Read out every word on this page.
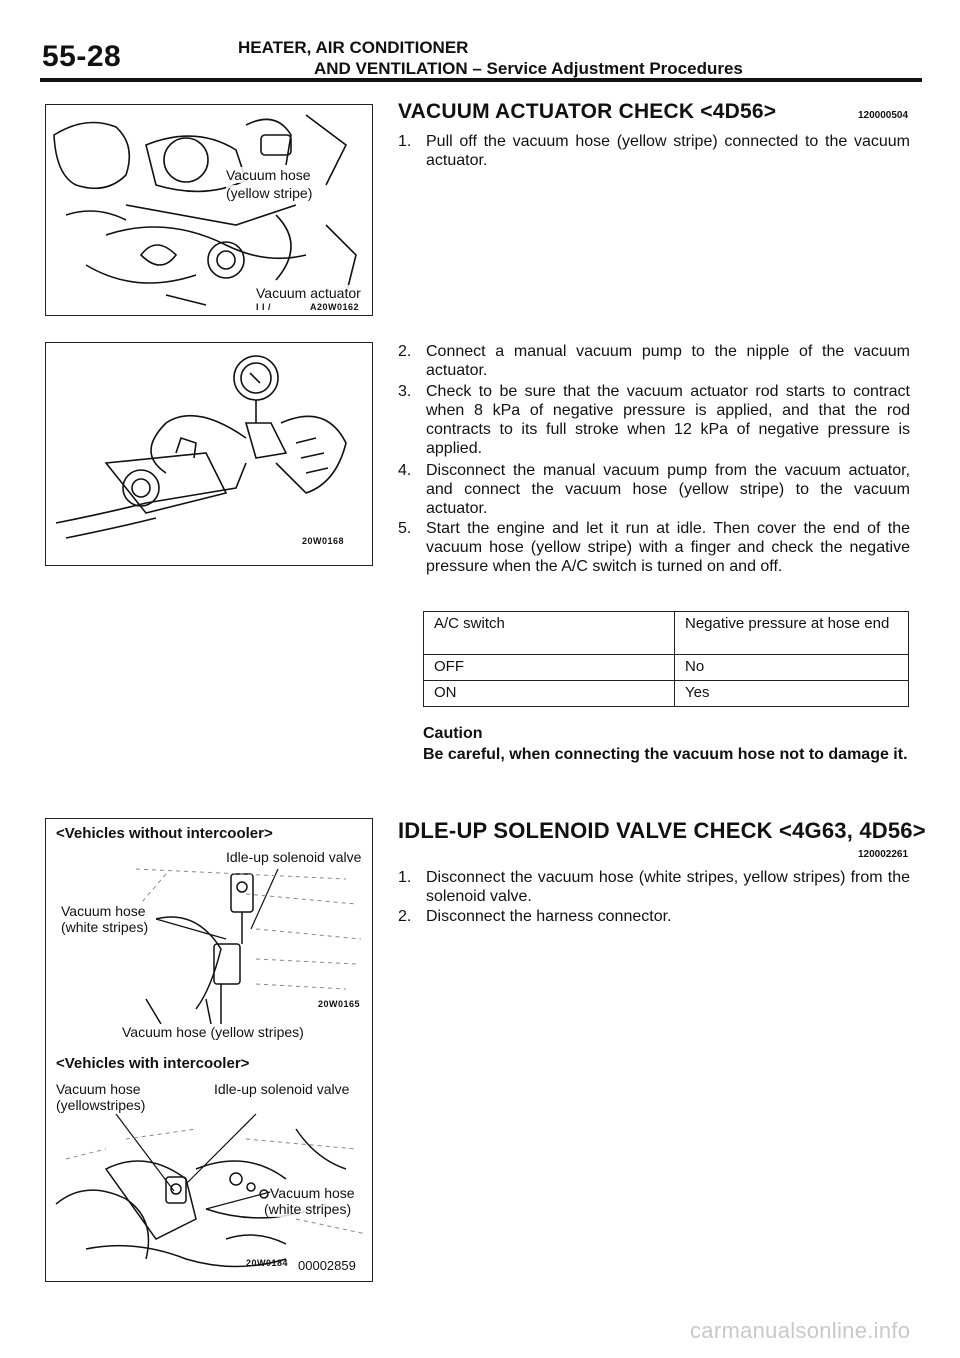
55-28	HEATER, AIR CONDITIONER
AND VENTILATION – Service Adjustment Procedures
Vacuum hose
(yellow stripe)
Vacuum actuator
I I /	A20W0162
20W0168
<Vehicles without intercooler>
Idle-up solenoid valve
Vacuum hose
(white stripes)
20W0165
Vacuum hose (yellow stripes)
<Vehicles with intercooler>
Vacuum hose
(yellowstripes)
Idle-up solenoid valve
Vacuum hose
(white stripes)
20W0184 00002859
VACUUM ACTUATOR CHECK <4D56>	120000504
1. Pull off the vacuum hose (yellow stripe) connected to the vacuum actuator.
2. Connect a manual vacuum pump to the nipple of the vacuum actuator.
3. Check to be sure that the vacuum actuator rod starts to contract when 8 kPa of negative pressure is applied, and that the rod contracts to its full stroke when 12 kPa of negative pressure is applied.
4. Disconnect the manual vacuum pump from the vacuum actuator, and connect the vacuum hose (yellow stripe) to the vacuum actuator.
5. Start the engine and let it run at idle. Then cover the end of the vacuum hose (yellow stripe) with a finger and check the negative pressure when the A/C switch is turned on and off.
A/C switch	Negative pressure at hose end
OFF	No
ON	Yes
Caution
Be careful, when connecting the vacuum hose not to damage it.
IDLE-UP SOLENOID VALVE CHECK <4G63, 4D56>
120002261
1. Disconnect the vacuum hose (white stripes, yellow stripes) from the solenoid valve.
2. Disconnect the harness connector.
carmanualsonline.info
